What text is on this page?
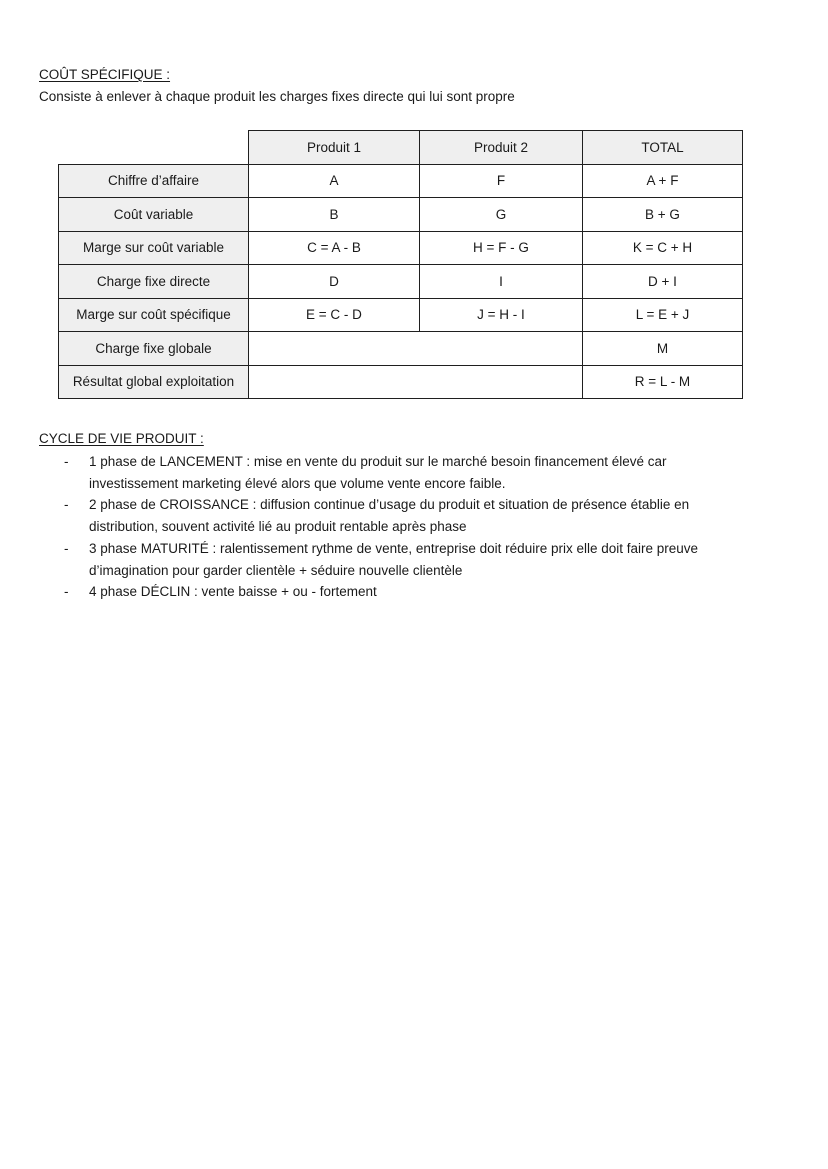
COÛT SPÉCIFIQUE :
Consiste à enlever à chaque produit les charges fixes directe qui lui sont propre
	Produit 1	Produit 2	TOTAL
Chiffre d’affaire	A	F	A + F
Coût variable	B	G	B + G
Marge sur coût variable	C = A - B	H = F - G	K = C + H
Charge fixe directe	D	I	D + I
Marge sur coût spécifique	E = C - D	J = H - I	L = E + J
Charge fixe globale			M
Résultat global exploitation			R = L - M
CYCLE DE VIE PRODUIT :
- 1 phase de LANCEMENT : mise en vente du produit sur le marché besoin financement élevé car
investissement marketing élevé alors que volume vente encore faible.
- 2 phase de CROISSANCE : diffusion continue d’usage du produit et situation de présence établie en
distribution, souvent activité lié au produit rentable après phase
- 3 phase MATURITÉ : ralentissement rythme de vente, entreprise doit réduire prix elle doit faire preuve
d’imagination pour garder clientèle + séduire nouvelle clientèle
- 4 phase DÉCLIN : vente baisse + ou - fortement
